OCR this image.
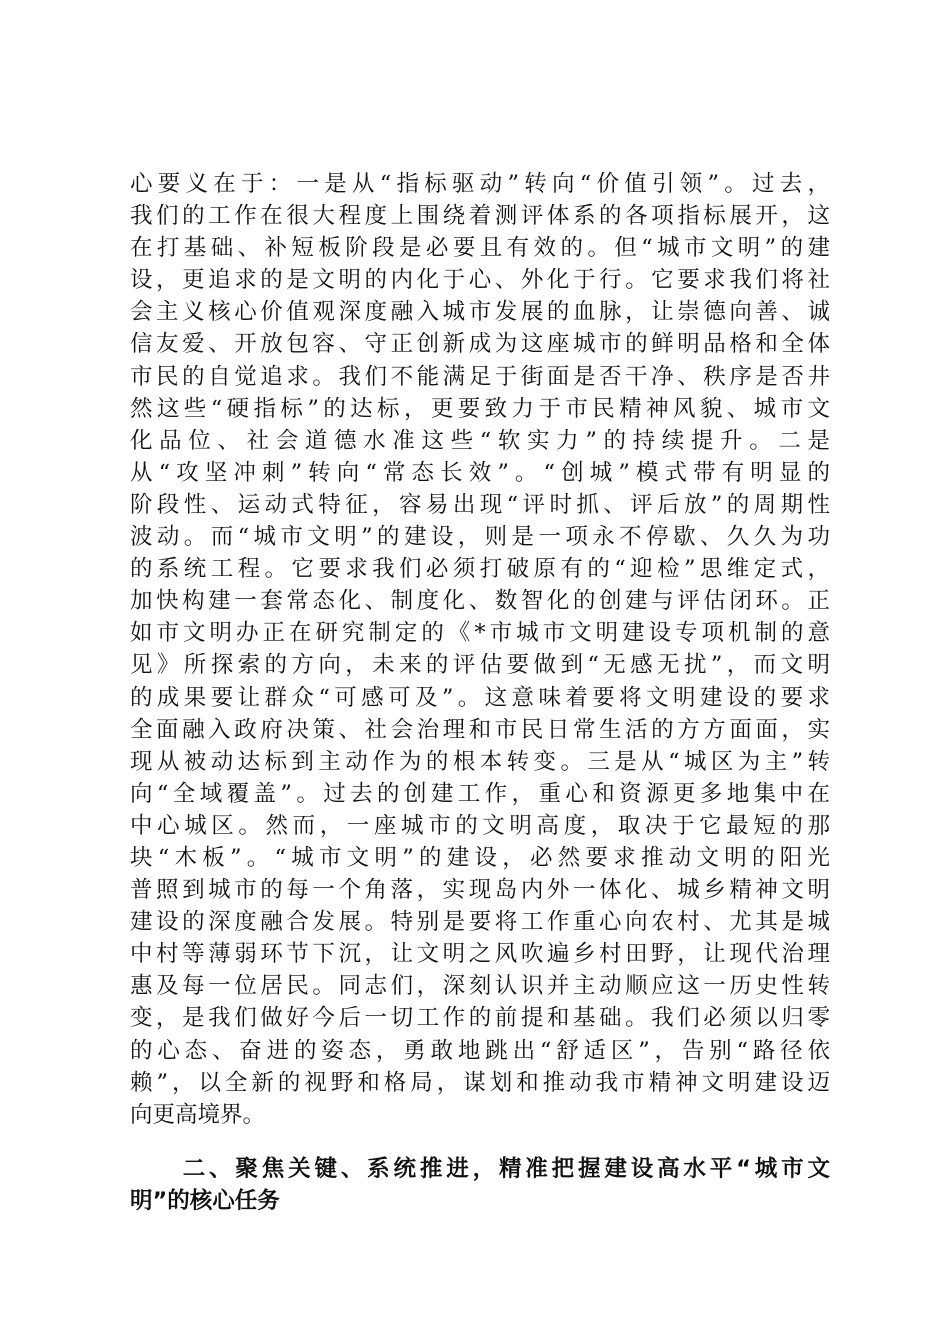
心要义在于：一是从“指标驱动”转向“价值引领”。过去，
我们的工作在很大程度上围绕着测评体系的各项指标展开，这
在打基础、补短板阶段是必要且有效的。但“城市文明”的建
设，更追求的是文明的内化于心、外化于行。它要求我们将社
会主义核心价值观深度融入城市发展的血脉，让崇德向善、诚
信友爱、开放包容、守正创新成为这座城市的鲜明品格和全体
市民的自觉追求。我们不能满足于街面是否干净、秩序是否井
然这些“硬指标”的达标，更要致力于市民精神风貌、城市文
化品位、社会道德水准这些“软实力”的持续提升。二是
从“攻坚冲刺”转向“常态长效”。“创城”模式带有明显的
阶段性、运动式特征，容易出现“评时抓、评后放”的周期性
波动。而“城市文明”的建设，则是一项永不停歇、久久为功
的系统工程。它要求我们必须打破原有的“迎检”思维定式，
加快构建一套常态化、制度化、数智化的创建与评估闭环。正
如市文明办正在研究制定的《*市城市文明建设专项机制的意
见》所探索的方向，未来的评估要做到“无感无扰”，而文明
的成果要让群众“可感可及”。这意味着要将文明建设的要求
全面融入政府决策、社会治理和市民日常生活的方方面面，实
现从被动达标到主动作为的根本转变。三是从“城区为主”转
向“全域覆盖”。过去的创建工作，重心和资源更多地集中在
中心城区。然而，一座城市的文明高度，取决于它最短的那
块“木板”。“城市文明”的建设，必然要求推动文明的阳光
普照到城市的每一个角落，实现岛内外一体化、城乡精神文明
建设的深度融合发展。特别是要将工作重心向农村、尤其是城
中村等薄弱环节下沉，让文明之风吹遍乡村田野，让现代治理
惠及每一位居民。同志们，深刻认识并主动顺应这一历史性转
变，是我们做好今后一切工作的前提和基础。我们必须以归零
的心态、奋进的姿态，勇敢地跳出“舒适区”，告别“路径依
赖”，以全新的视野和格局，谋划和推动我市精神文明建设迈
向更高境界。
　　二、聚焦关键、系统推进，精准把握建设高水平“城市文
明”的核心任务
